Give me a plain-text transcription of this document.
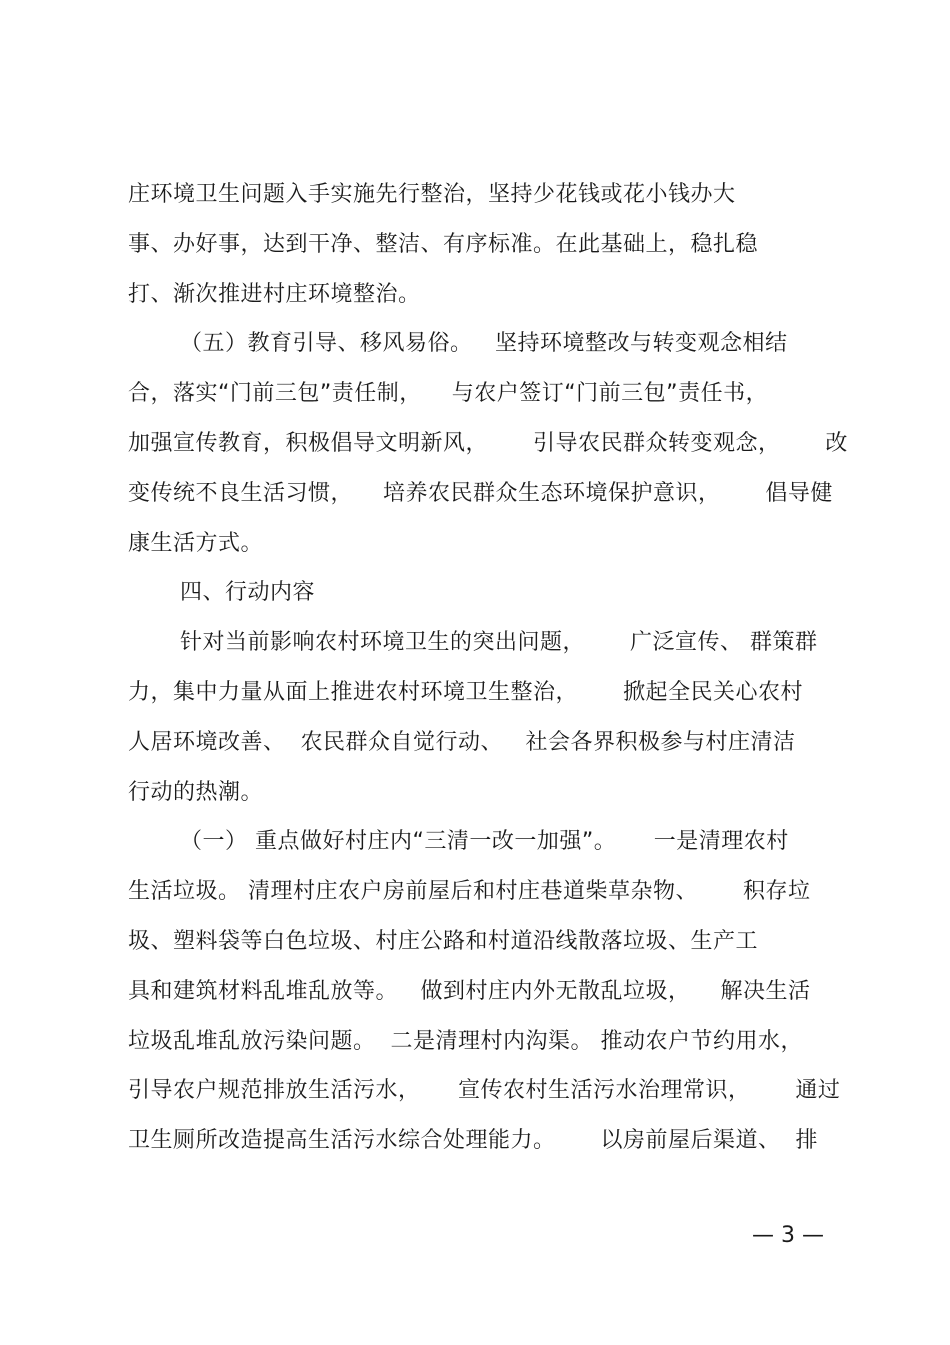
庄环境卫生问题入手实施先行整治，坚持少花钱或花小钱办大
事、办好事，达到干净、整洁、有序标准。在此基础上，稳扎稳
打、渐次推进村庄环境整治。
（五）教育引导、移风易俗。   坚持环境整改与转变观念相结
合，落实“门前三包”责任制，    与农户签订“门前三包”责任书，
加强宣传教育，积极倡导文明新风，      引导农民群众转变观念，      改
变传统不良生活习惯，    培养农民群众生态环境保护意识，      倡导健
康生活方式。
四、行动内容
针对当前影响农村环境卫生的突出问题，      广泛宣传、 群策群
力，集中力量从面上推进农村环境卫生整治，      掀起全民关心农村
人居环境改善、  农民群众自觉行动、   社会各界积极参与村庄清洁
行动的热潮。
（一） 重点做好村庄内“三清一改一加强”。     一是清理农村
生活垃圾。 清理村庄农户房前屋后和村庄巷道柴草杂物、      积存垃
圾、塑料袋等白色垃圾、村庄公路和村道沿线散落垃圾、生产工
具和建筑材料乱堆乱放等。   做到村庄内外无散乱垃圾，    解决生活
垃圾乱堆乱放污染问题。  二是清理村内沟渠。 推动农户节约用水，
引导农户规范排放生活污水，     宣传农村生活污水治理常识，      通过
卫生厕所改造提高生活污水综合处理能力。      以房前屋后渠道、  排
— 3 —
